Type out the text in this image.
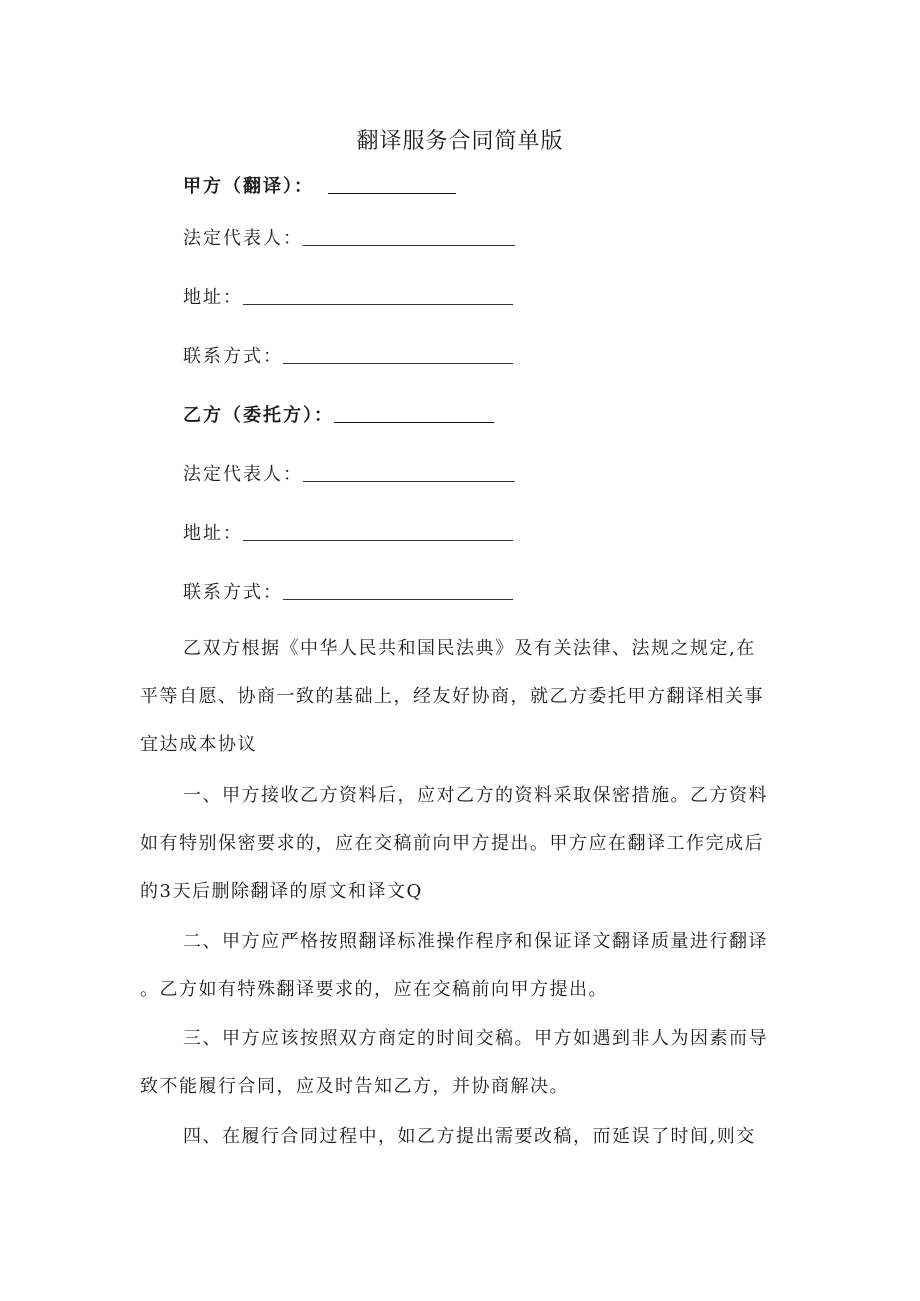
翻译服务合同简单版
甲方（翻译）：
法定代表人：
地址：
联系方式：
乙方（委托方）：
法定代表人：
地址：
联系方式：

乙双方根据《中华人民共和国民法典》及有关法律、法规之规定,在
平等自愿、协商一致的基础上，经友好协商，就乙方委托甲方翻译相关事
宜达成本协议

一、甲方接收乙方资料后，应对乙方的资料采取保密措施。乙方资料
如有特别保密要求的，应在交稿前向甲方提出。甲方应在翻译工作完成后
的3天后删除翻译的原文和译文Q

二、甲方应严格按照翻译标准操作程序和保证译文翻译质量进行翻译
。乙方如有特殊翻译要求的，应在交稿前向甲方提出。

三、甲方应该按照双方商定的时间交稿。甲方如遇到非人为因素而导
致不能履行合同，应及时告知乙方，并协商解决。

四、在履行合同过程中，如乙方提出需要改稿，而延误了时间,则交
